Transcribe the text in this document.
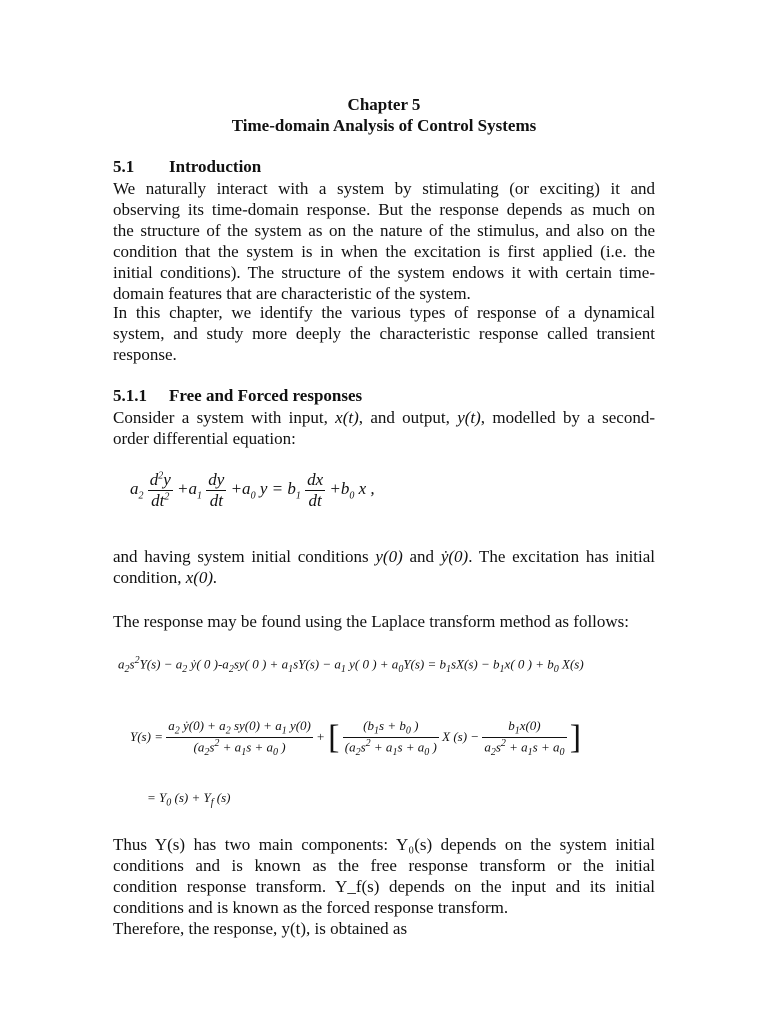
Chapter 5
Time-domain Analysis of Control Systems
5.1 Introduction
We naturally interact with a system by stimulating (or exciting) it and
observing its time-domain response. But the response depends as much on
the structure of the system as on the nature of the stimulus, and also on the
condition that the system is in when the excitation is first applied (i.e. the
initial conditions). The structure of the system endows it with certain time-
domain features that are characteristic of the system.
In this chapter, we identify the various types of response of a dynamical
system, and study more deeply the characteristic response called transient
response.
5.1.1 Free and Forced responses
Consider a system with input, x(t), and output, y(t), modelled by a second-
order differential equation:
$a_2 \frac{d^2y}{dt^2} +a_1 \frac{dy}{dt} +a_0$ $y = b_1 \frac{dx}{dt} +b_0$ x ,
and having system initial conditions y(0) and ẏ(0). The excitation has initial
condition, x(0).
The response may be found using the Laplace transform method as follows:
$a_2s^2Y(s) - a_2$ ẏ( 0 )$-a_2sy$( 0 ) + $a_1sY(s) - a_1$ y( 0 ) + $a_0Y(s) = b_1sX(s) - b_1x$( 0 ) + $b_0$ X(s)
$Y(s) = \frac{a_2 ẏ(0) + a_2 sy(0) + a_1 y(0)}{(a_2s^2 + a_1s + a_0 )}$ + [ $\frac{(b_1s + b_0 )}{(a_2s^2 + a_1s + a_0 )}$ X $(s) - \frac{b_1x(0)}{a_2s^2 + a_1s + a_0}$ ]
= $Y_0$ $(s) + Y_f$ (s)
Thus Y(s) has two main components: Y₀(s) depends on the system initial
conditions and is known as the free response transform or the initial
condition response transform. Y_f(s) depends on the input and its initial
conditions and is known as the forced response transform.
Therefore, the response, y(t), is obtained as
